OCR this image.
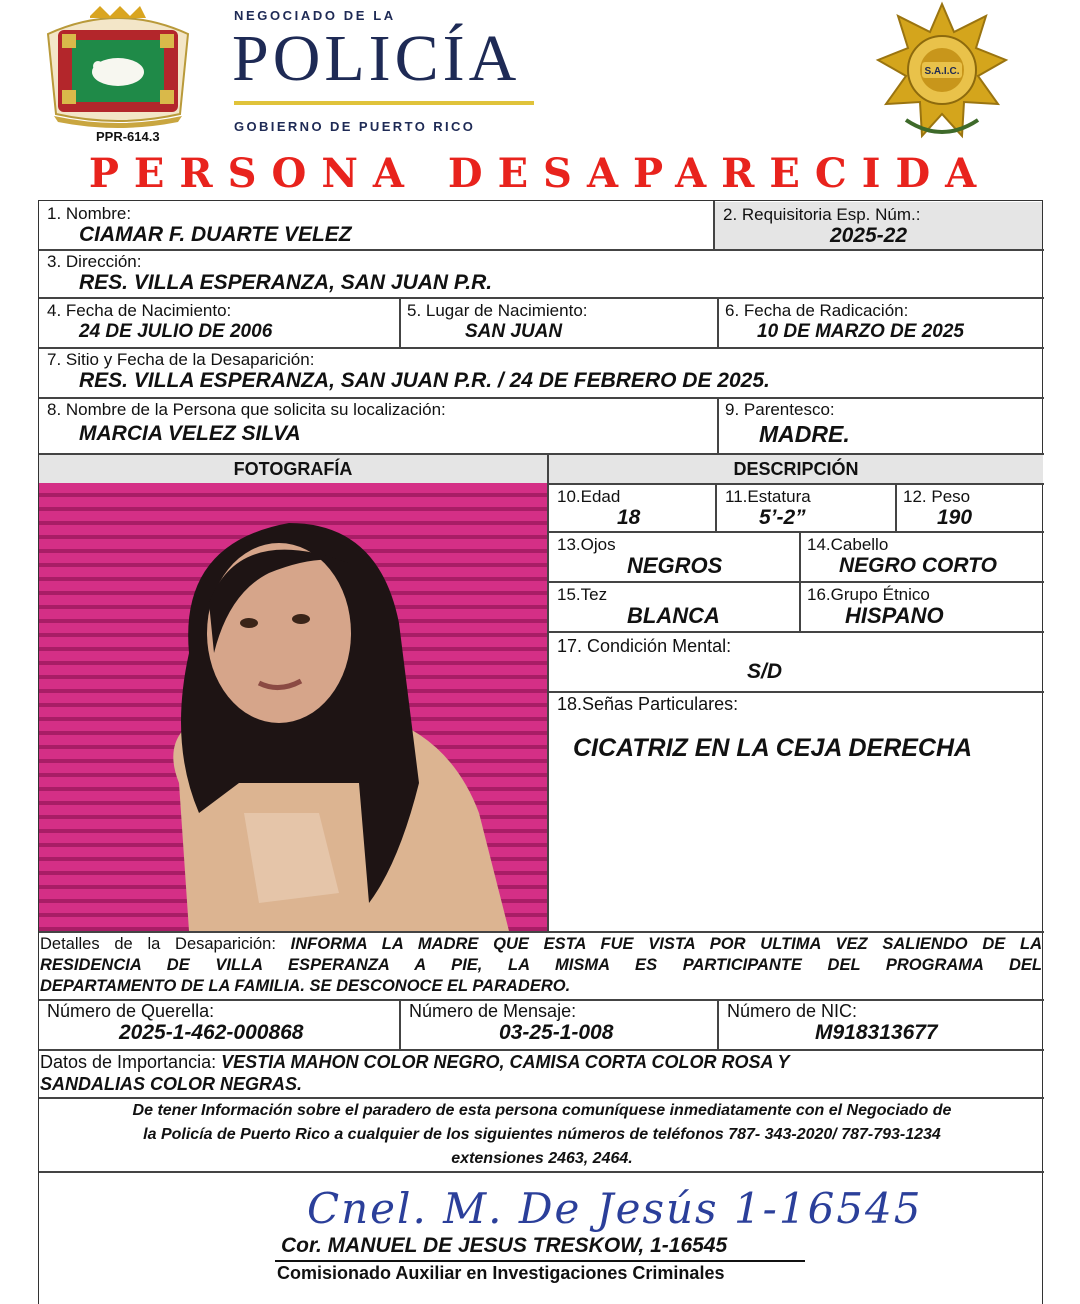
NEGOCIADO DE LA
POLICÍA
GOBIERNO DE PUERTO RICO
PPR-614.3
S.A.I.C.
PERSONA DESAPARECIDA
1. Nombre:
CIAMAR F. DUARTE VELEZ
2. Requisitoria Esp. Núm.:
2025-22
3. Dirección:
RES. VILLA ESPERANZA, SAN JUAN P.R.
4. Fecha de Nacimiento:
24 DE JULIO DE 2006
5. Lugar de Nacimiento:
SAN JUAN
6. Fecha de Radicación:
10 DE MARZO DE 2025
7. Sitio y Fecha de la Desaparición:
RES. VILLA ESPERANZA, SAN JUAN P.R. / 24 DE FEBRERO DE 2025.
8. Nombre de la Persona que solicita su localización:
MARCIA VELEZ SILVA
9. Parentesco:
MADRE.
FOTOGRAFÍA	DESCRIPCIÓN
10.Edad
18
11.Estatura
5’-2”
12. Peso
190
13.Ojos
NEGROS
14.Cabello
NEGRO CORTO
15.Tez
BLANCA
16.Grupo Étnico
HISPANO
17. Condición Mental:
S/D
18.Señas Particulares:
CICATRIZ EN LA CEJA DERECHA
Detalles de la Desaparición: INFORMA LA MADRE QUE ESTA FUE VISTA POR ULTIMA VEZ SALIENDO DE LA
RESIDENCIA DE VILLA ESPERANZA A PIE, LA MISMA ES PARTICIPANTE DEL PROGRAMA DEL
DEPARTAMENTO DE LA FAMILIA. SE DESCONOCE EL PARADERO.
Número de Querella:
2025-1-462-000868
Número de Mensaje:
03-25-1-008
Número de NIC:
M918313677
Datos de Importancia: VESTIA MAHON COLOR NEGRO, CAMISA CORTA COLOR ROSA Y
SANDALIAS COLOR NEGRAS.
De tener Información sobre el paradero de esta persona comuníquese inmediatamente con el Negociado de
la Policía de Puerto Rico a cualquier de los siguientes números de teléfonos 787- 343-2020/ 787-793-1234
extensiones 2463, 2464.
Cnel. M. De Jesús 1-16545
Cor. MANUEL DE JESUS TRESKOW, 1-16545
Comisionado Auxiliar en Investigaciones Criminales
